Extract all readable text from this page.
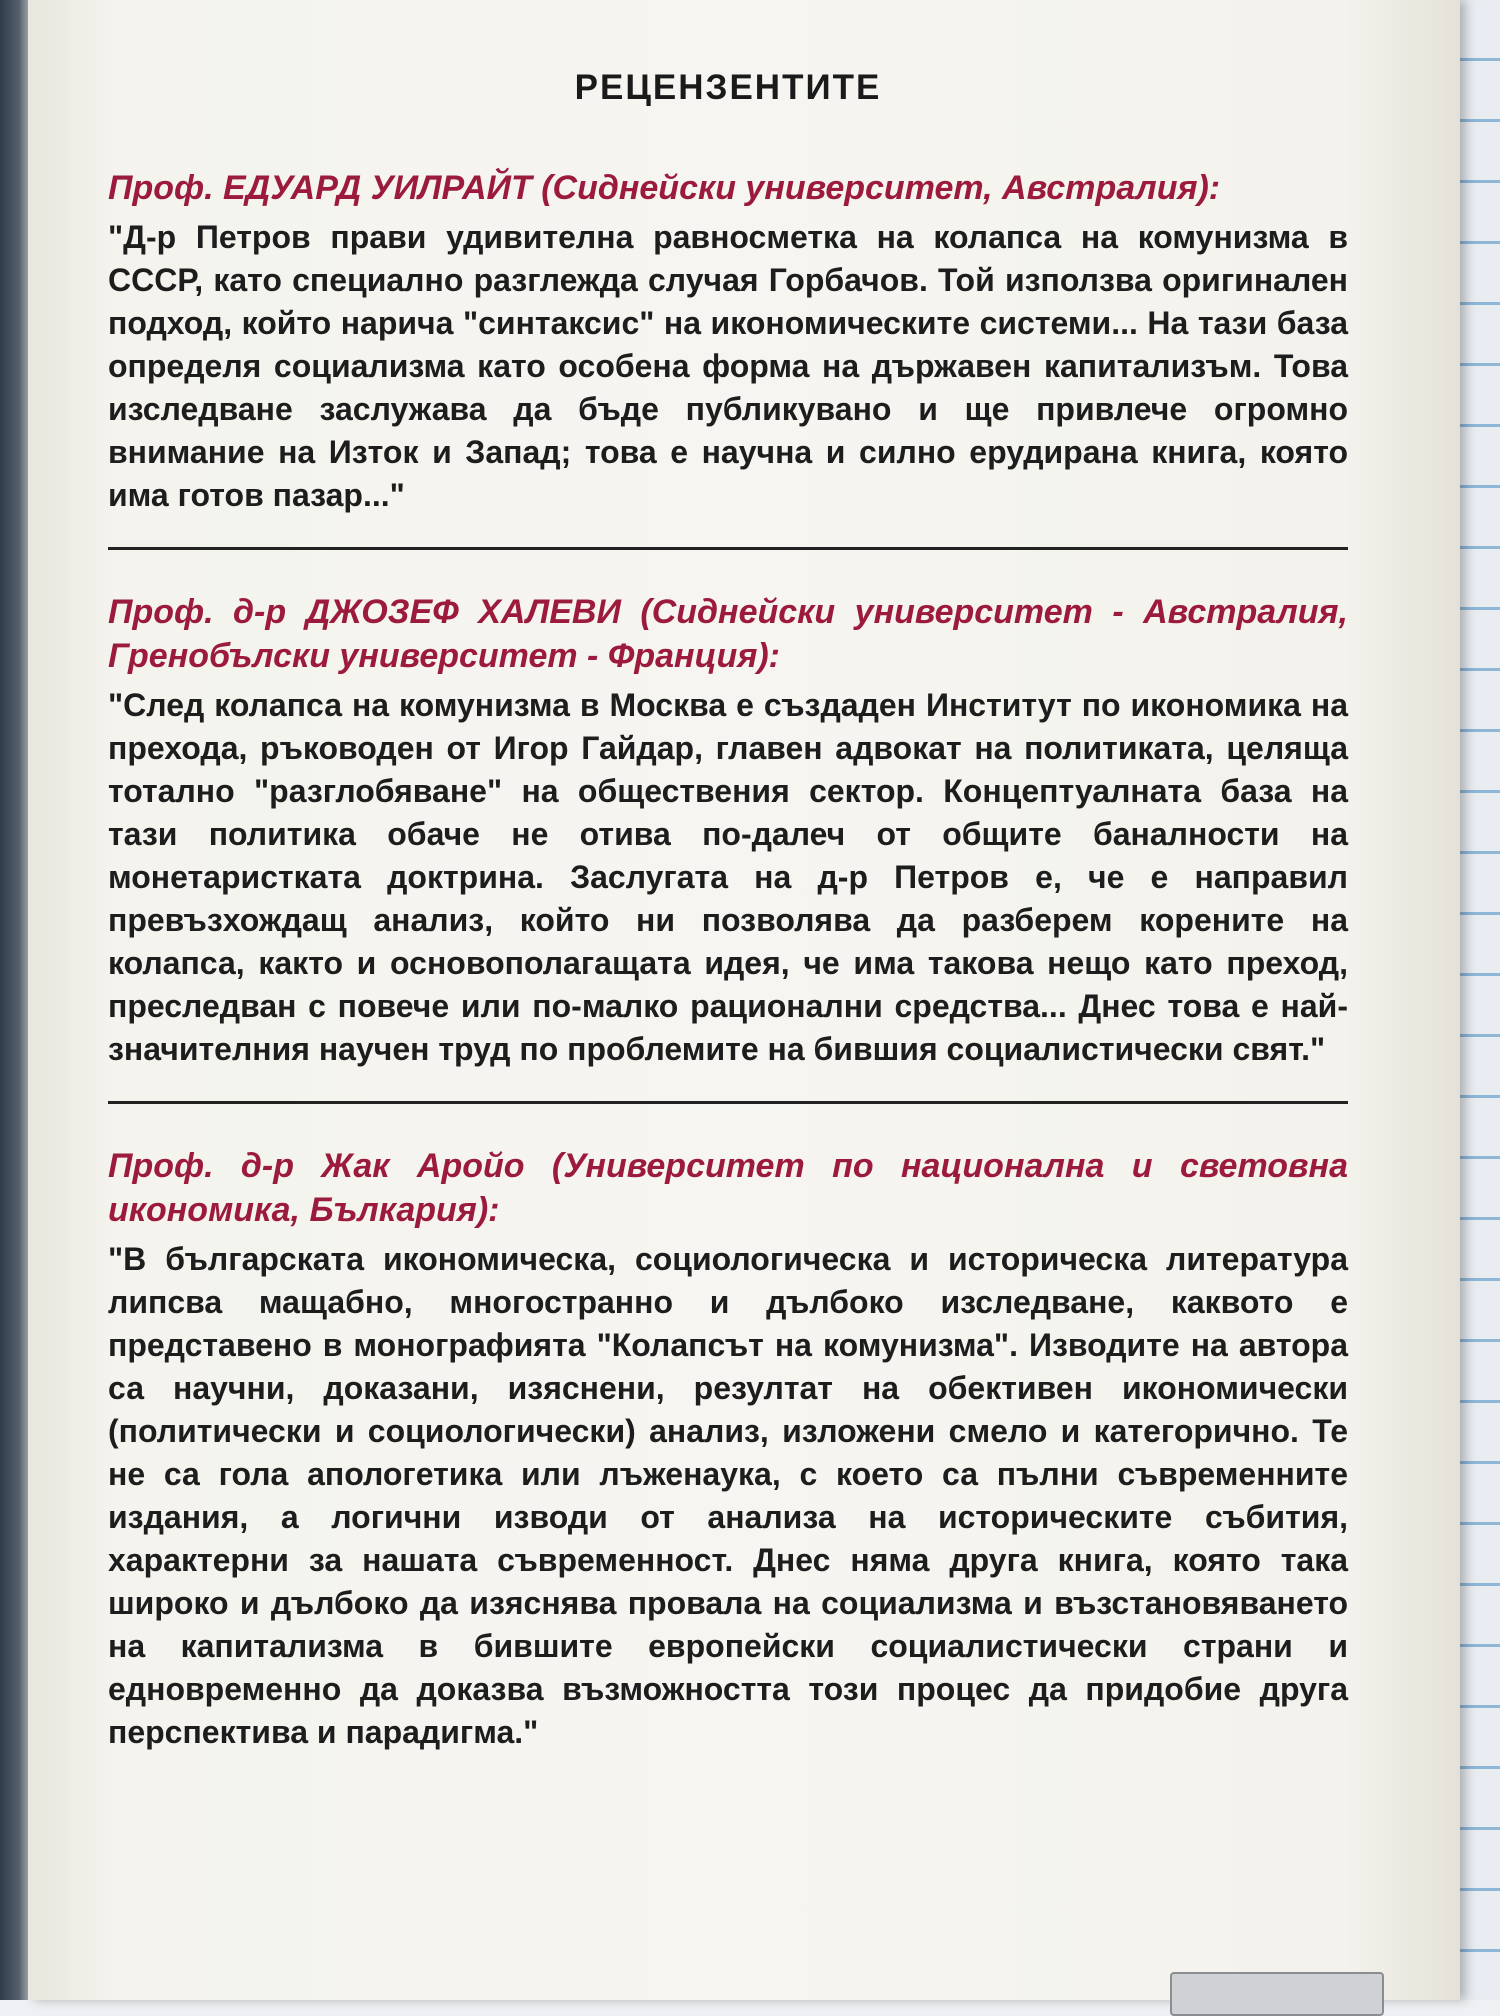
РЕЦЕНЗЕНТИТЕ

Проф. ЕДУАРД УИЛРАЙТ (Сиднейски университет, Австралия):

"Д-р Петров прави удивителна равносметка на колапса на комунизма в СССР, като специално разглежда случая Горбачов. Той използва оригинален подход, който нарича "синтаксис" на икономическите системи... На тази база определя социализма като особена форма на държавен капитализъм. Това изследване заслужава да бъде публикувано и ще привлече огромно внимание на Изток и Запад; това е научна и силно ерудирана книга, която има готов пазар..."

Проф. д-р ДЖОЗЕФ ХАЛЕВИ (Сиднейски университет - Австралия, Гренобълски университет - Франция):

"След колапса на комунизма в Москва е създаден Институт по икономика на прехода, ръководен от Игор Гайдар, главен адвокат на политиката, целяща тотално "разглобяване" на обществения сектор. Концептуалната база на тази политика обаче не отива по-далеч от общите баналности на монетаристката доктрина. Заслугата на д-р Петров е, че е направил превъзхождащ анализ, който ни позволява да разберем корените на колапса, както и основополагащата идея, че има такова нещо като преход, преследван с повече или по-малко рационални средства... Днес това е най-значителния научен труд по проблемите на бившия социалистически свят."

Проф. д-р Жак Аройо (Университет по национална и световна икономика, Бълкария):

"В българската икономическа, социологическа и историческа литература липсва мащабно, многостранно и дълбоко изследване, каквото е представено в монографията "Колапсът на комунизма". Изводите на автора са научни, доказани, изяснени, резултат на обективен икономически (политически и социологически) анализ, изложени смело и категорично. Те не са гола апологетика или лъженаука, с което са пълни съвременните издания, а логични изводи от анализа на историческите събития, характерни за нашата съвременност. Днес няма друга книга, която така широко и дълбоко да изяснява провала на социализма и възстановяването на капитализма в бившите европейски социалистически страни и едновременно да доказва възможността този процес да придобие друга перспектива и парадигма."
